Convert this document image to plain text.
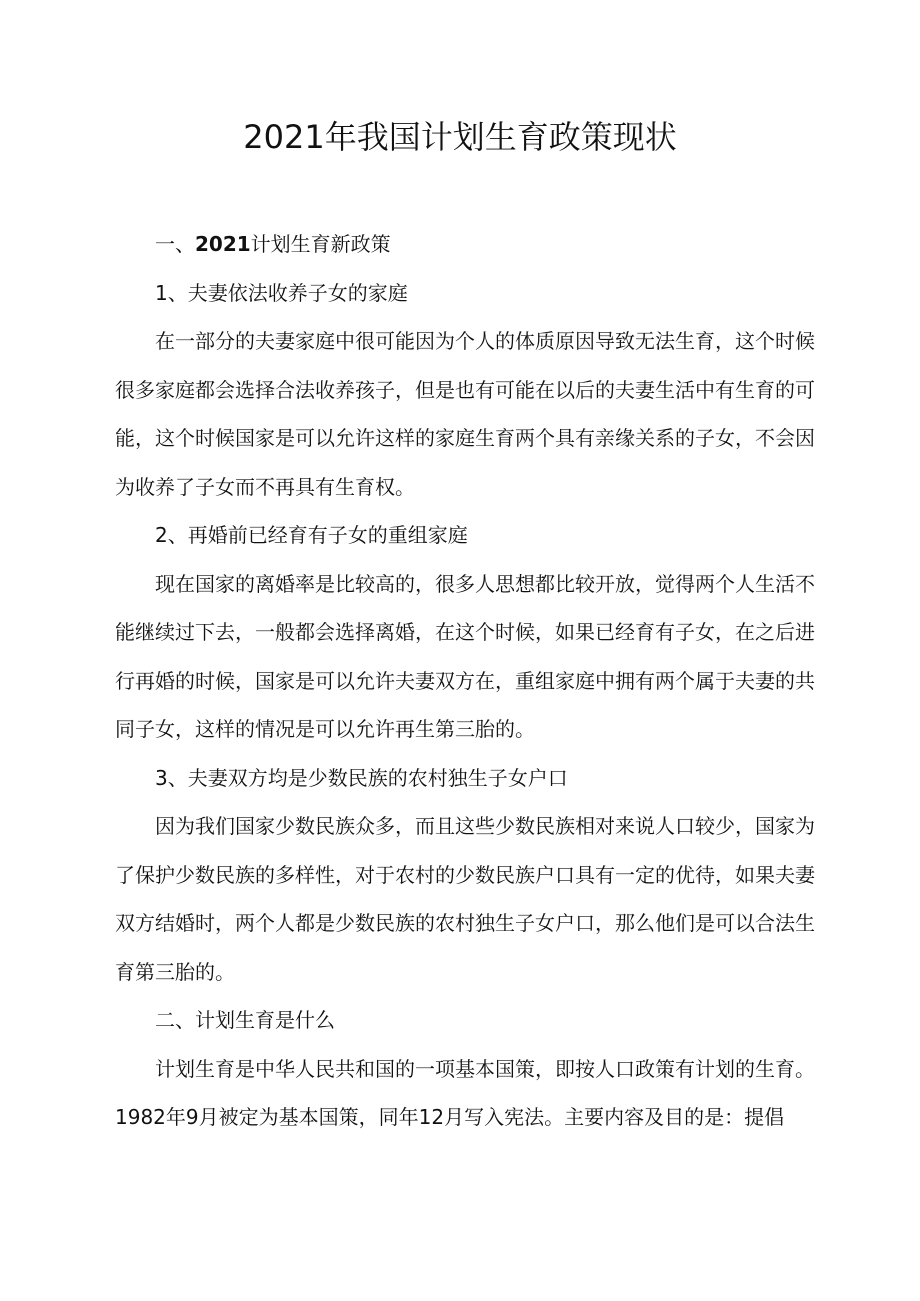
2021年我国计划生育政策现状
一、2021计划生育新政策
1、夫妻依法收养子女的家庭
在一部分的夫妻家庭中很可能因为个人的体质原因导致无法生育，这个时候
很多家庭都会选择合法收养孩子，但是也有可能在以后的夫妻生活中有生育的可
能，这个时候国家是可以允许这样的家庭生育两个具有亲缘关系的子女，不会因
为收养了子女而不再具有生育权。
2、再婚前已经育有子女的重组家庭
现在国家的离婚率是比较高的，很多人思想都比较开放，觉得两个人生活不
能继续过下去，一般都会选择离婚，在这个时候，如果已经育有子女，在之后进
行再婚的时候，国家是可以允许夫妻双方在，重组家庭中拥有两个属于夫妻的共
同子女，这样的情况是可以允许再生第三胎的。
3、夫妻双方均是少数民族的农村独生子女户口
因为我们国家少数民族众多，而且这些少数民族相对来说人口较少，国家为
了保护少数民族的多样性，对于农村的少数民族户口具有一定的优待，如果夫妻
双方结婚时，两个人都是少数民族的农村独生子女户口，那么他们是可以合法生
育第三胎的。
二、计划生育是什么
计划生育是中华人民共和国的一项基本国策，即按人口政策有计划的生育。
1982年9月被定为基本国策，同年12月写入宪法。主要内容及目的是：提倡
